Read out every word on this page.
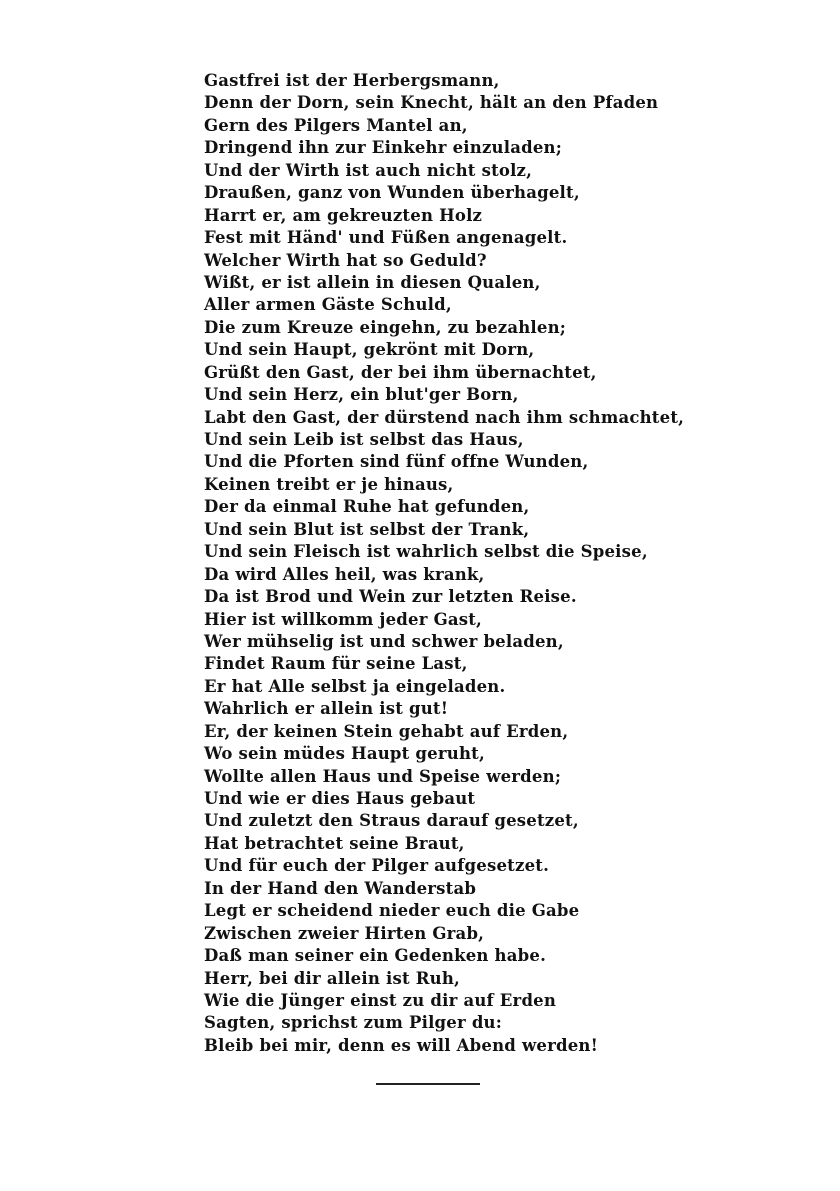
Gastfrei ist der Herbergsmann,
Denn der Dorn, sein Knecht, hält an den Pfaden
Gern des Pilgers Mantel an,
Dringend ihn zur Einkehr einzuladen;
Und der Wirth ist auch nicht stolz,
Draußen, ganz von Wunden überhagelt,
Harrt er, am gekreuzten Holz
Fest mit Händ' und Füßen angenagelt.
Welcher Wirth hat so Geduld?
Wißt, er ist allein in diesen Qualen,
Aller armen Gäste Schuld,
Die zum Kreuze eingehn, zu bezahlen;
Und sein Haupt, gekrönt mit Dorn,
Grüßt den Gast, der bei ihm übernachtet,
Und sein Herz, ein blut'ger Born,
Labt den Gast, der dürstend nach ihm schmachtet,
Und sein Leib ist selbst das Haus,
Und die Pforten sind fünf offne Wunden,
Keinen treibt er je hinaus,
Der da einmal Ruhe hat gefunden,
Und sein Blut ist selbst der Trank,
Und sein Fleisch ist wahrlich selbst die Speise,
Da wird Alles heil, was krank,
Da ist Brod und Wein zur letzten Reise.
Hier ist willkomm jeder Gast,
Wer mühselig ist und schwer beladen,
Findet Raum für seine Last,
Er hat Alle selbst ja eingeladen.
Wahrlich er allein ist gut!
Er, der keinen Stein gehabt auf Erden,
Wo sein müdes Haupt geruht,
Wollte allen Haus und Speise werden;
Und wie er dies Haus gebaut
Und zuletzt den Straus darauf gesetzet,
Hat betrachtet seine Braut,
Und für euch der Pilger aufgesetzet.
In der Hand den Wanderstab
Legt er scheidend nieder euch die Gabe
Zwischen zweier Hirten Grab,
Daß man seiner ein Gedenken habe.
Herr, bei dir allein ist Ruh,
Wie die Jünger einst zu dir auf Erden
Sagten, sprichst zum Pilger du:
Bleib bei mir, denn es will Abend werden!
